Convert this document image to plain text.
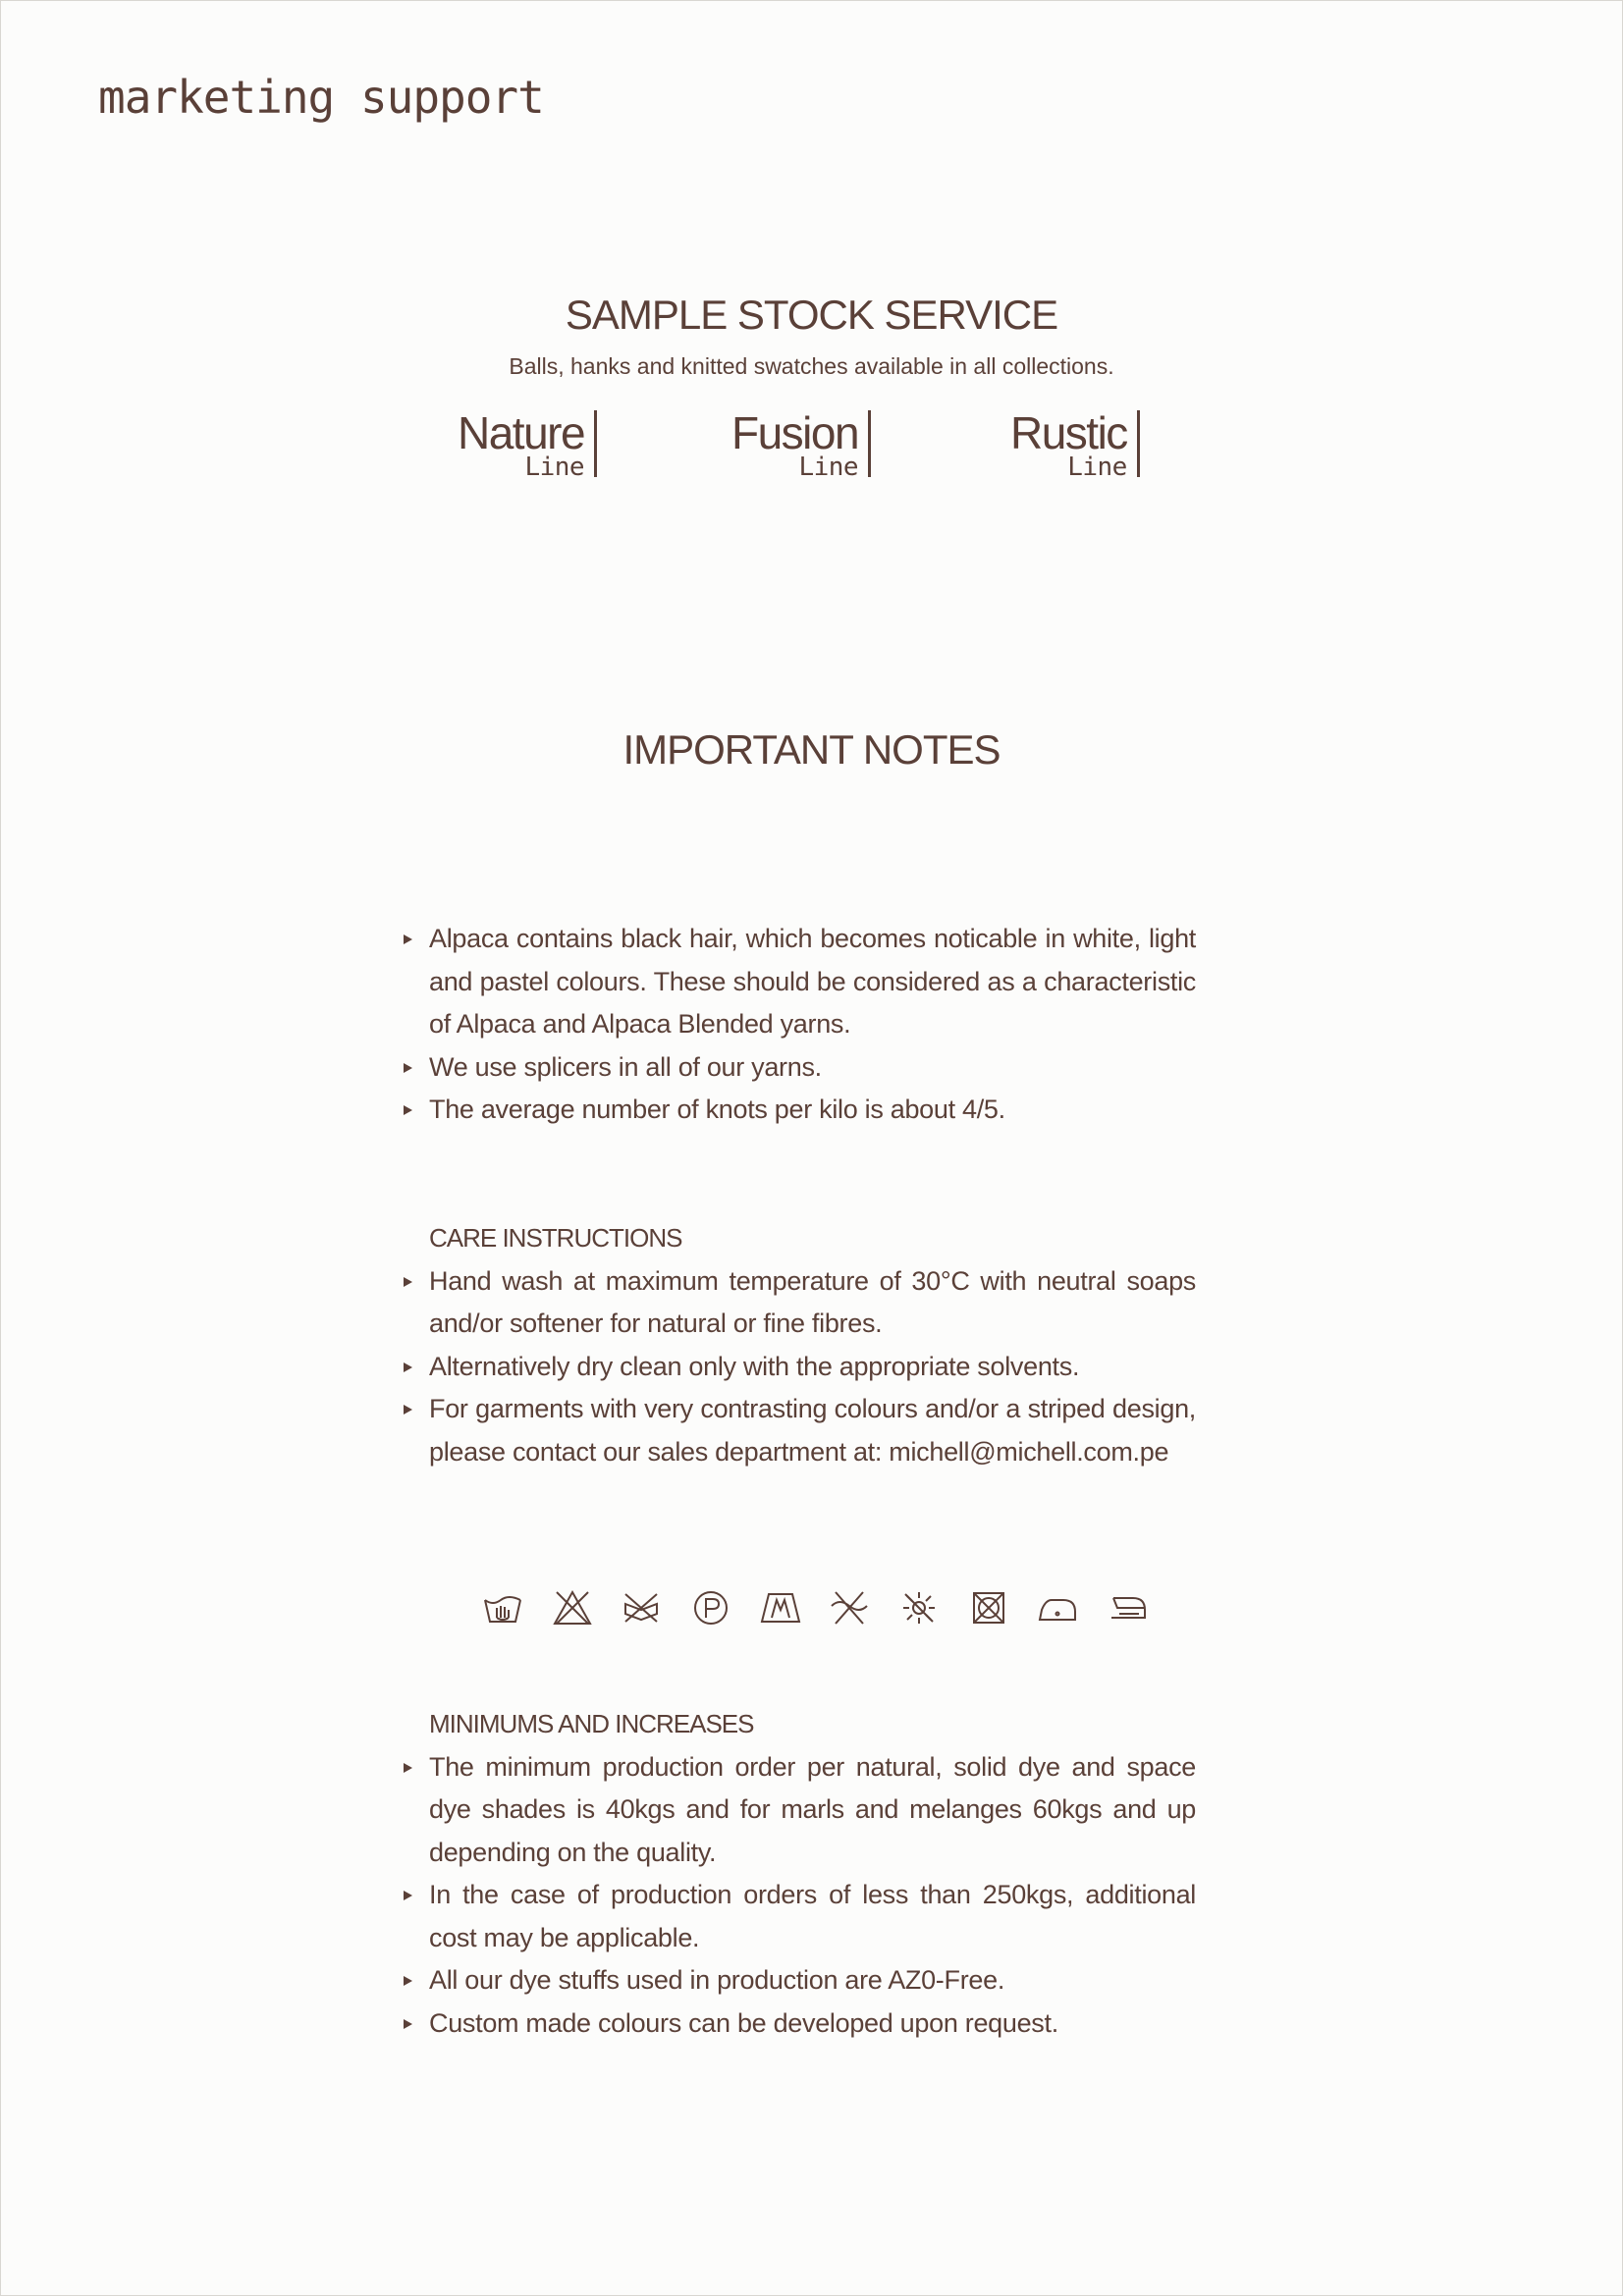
marketing support
SAMPLE STOCK SERVICE

Balls, hanks and knitted swatches available in all collections.

Nature
Line
Fusion
Line
Rustic
Line
IMPORTANT NOTES
Alpaca contains black hair, which becomes noticable in white, light and pastel colours. These should be considered as a characteristic of Alpaca and Alpaca Blended yarns.
We use splicers in all of our yarns.
The average number of knots per kilo is about 4/5.
CARE INSTRUCTIONS
Hand wash at maximum temperature of 30°C with neutral soaps and/or softener for natural or fine fibres.
Alternatively dry clean only with the appropriate solvents.
For garments with very contrasting colours and/or a striped design, please contact our sales department at: michell@michell.com.pe
MINIMUMS AND INCREASES
The minimum production order per natural, solid dye and space dye shades is 40kgs and for marls and melanges 60kgs and up depending on the quality.
In the case of production orders of less than 250kgs, additional cost may be applicable.
All our dye stuffs used in production are AZ0-Free.
Custom made colours can be developed upon request.
